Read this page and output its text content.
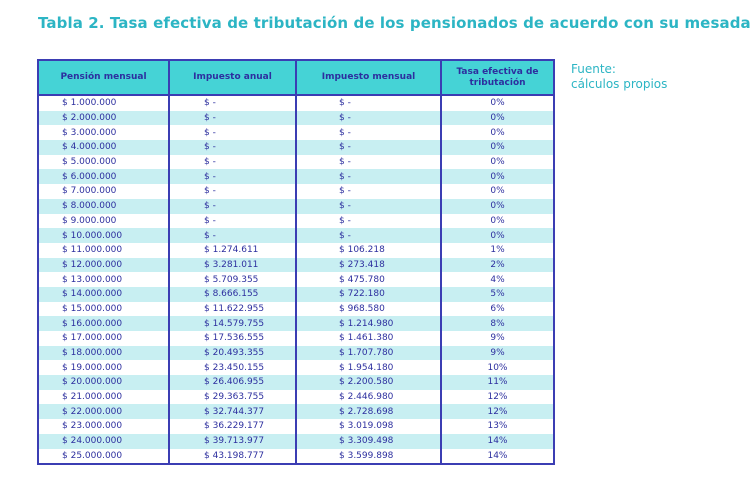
Tabla 2. Tasa efectiva de tributación de los pensionados de acuerdo con su mesada
Fuente:
cálculos propios
Pensión mensual	Impuesto anual	Impuesto mensual	Tasa efectiva de tributación
$ 1.000.000	$ -	$ -	0%
$ 2.000.000	$ -	$ -	0%
$ 3.000.000	$ -	$ -	0%
$ 4.000.000	$ -	$ -	0%
$ 5.000.000	$ -	$ -	0%
$ 6.000.000	$ -	$ -	0%
$ 7.000.000	$ -	$ -	0%
$ 8.000.000	$ -	$ -	0%
$ 9.000.000	$ -	$ -	0%
$ 10.000.000	$ -	$ -	0%
$ 11.000.000	$ 1.274.611	$ 106.218	1%
$ 12.000.000	$ 3.281.011	$ 273.418	2%
$ 13.000.000	$ 5.709.355	$ 475.780	4%
$ 14.000.000	$ 8.666.155	$ 722.180	5%
$ 15.000.000	$ 11.622.955	$ 968.580	6%
$ 16.000.000	$ 14.579.755	$ 1.214.980	8%
$ 17.000.000	$ 17.536.555	$ 1.461.380	9%
$ 18.000.000	$ 20.493.355	$ 1.707.780	9%
$ 19.000.000	$ 23.450.155	$ 1.954.180	10%
$ 20.000.000	$ 26.406.955	$ 2.200.580	11%
$ 21.000.000	$ 29.363.755	$ 2.446.980	12%
$ 22.000.000	$ 32.744.377	$ 2.728.698	12%
$ 23.000.000	$ 36.229.177	$ 3.019.098	13%
$ 24.000.000	$ 39.713.977	$ 3.309.498	14%
$ 25.000.000	$ 43.198.777	$ 3.599.898	14%
